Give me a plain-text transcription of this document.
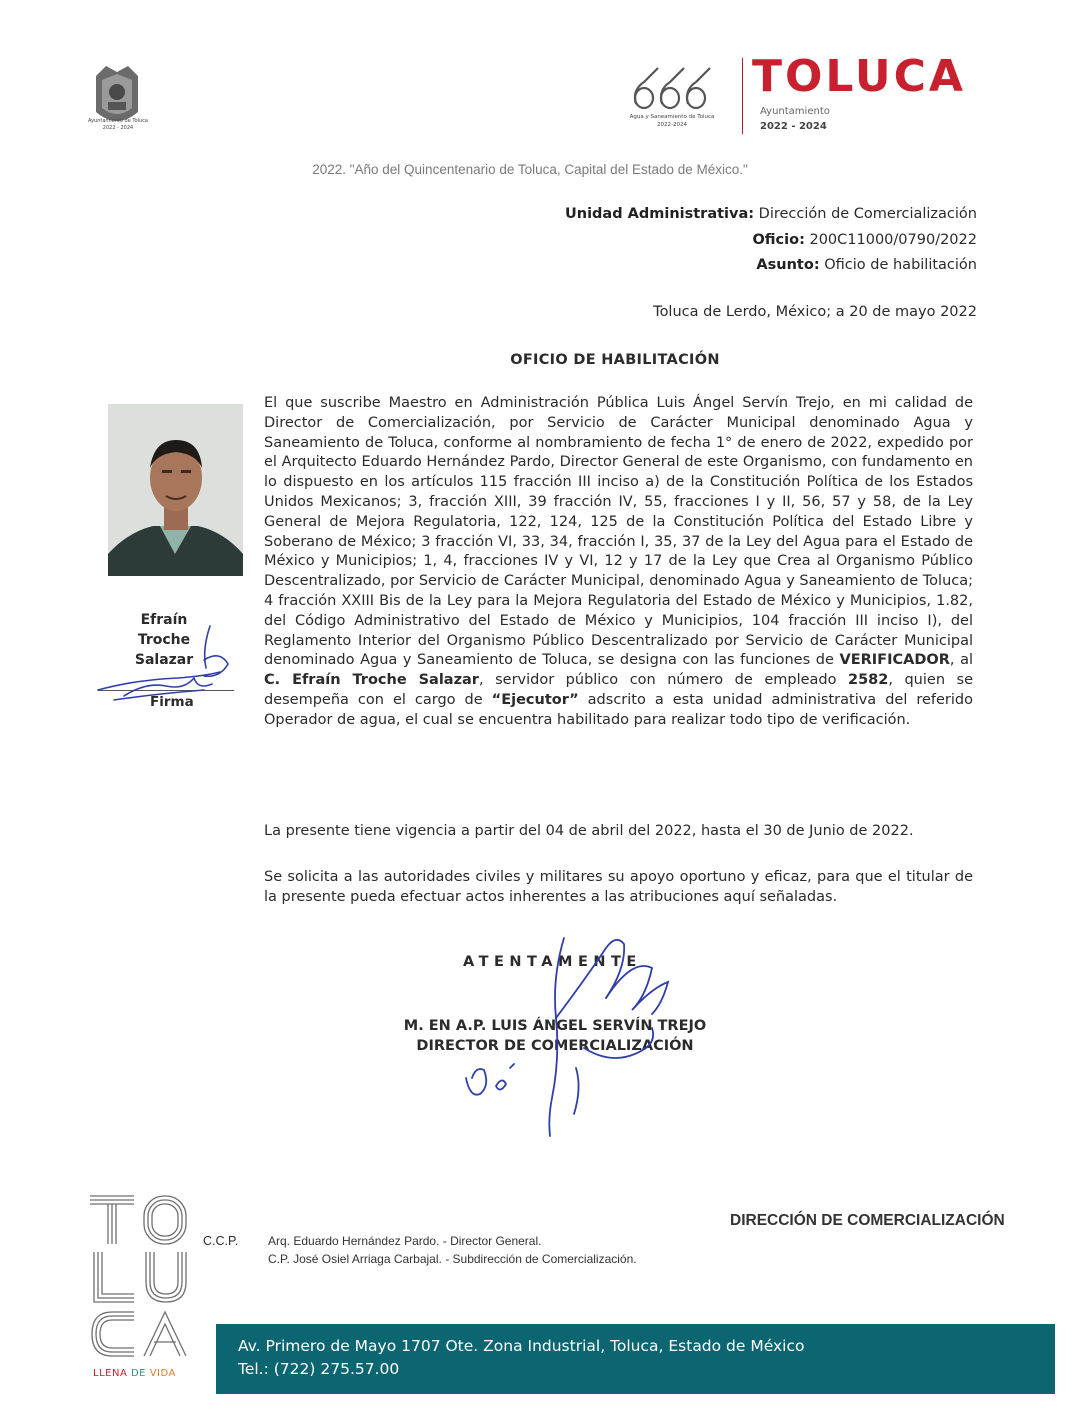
Ayuntamiento de Toluca
2022 - 2024
Agua y Saneamiento de Toluca
2022-2024
TOLUCA
Ayuntamiento
2022 - 2024
2022. "Año del Quincentenario de Toluca, Capital del Estado de México."
Unidad Administrativa: Dirección de Comercialización
Oficio: 200C11000/0790/2022
Asunto: Oficio de habilitación
Toluca de Lerdo, México; a 20 de mayo 2022
OFICIO DE HABILITACIÓN
Efraín
Troche
Salazar
Firma
El que suscribe Maestro en Administración Pública Luis Ángel Servín Trejo, en mi calidad de Director de Comercialización, por Servicio de Carácter Municipal denominado Agua y Saneamiento de Toluca, conforme al nombramiento de fecha 1° de enero de 2022, expedido por el Arquitecto Eduardo Hernández Pardo, Director General de este Organismo, con fundamento en lo dispuesto en los artículos 115 fracción III inciso a) de la Constitución Política de los Estados Unidos Mexicanos; 3, fracción XIII, 39 fracción IV, 55, fracciones I y II, 56, 57 y 58, de la Ley General de Mejora Regulatoria, 122, 124, 125 de la Constitución Política del Estado Libre y Soberano de México; 3 fracción VI, 33, 34, fracción I, 35, 37 de la Ley del Agua para el Estado de México y Municipios; 1, 4, fracciones IV y VI, 12 y 17 de la Ley que Crea al Organismo Público Descentralizado, por Servicio de Carácter Municipal, denominado Agua y Saneamiento de Toluca; 4 fracción XXIII Bis de la Ley para la Mejora Regulatoria del Estado de México y Municipios, 1.82, del Código Administrativo del Estado de México y Municipios, 104 fracción III inciso I), del Reglamento Interior del Organismo Público Descentralizado por Servicio de Carácter Municipal denominado Agua y Saneamiento de Toluca, se designa con las funciones de VERIFICADOR, al C. Efraín Troche Salazar, servidor público con número de empleado 2582, quien se desempeña con el cargo de “Ejecutor” adscrito a esta unidad administrativa del referido Operador de agua, el cual se encuentra habilitado para realizar todo tipo de verificación.
La presente tiene vigencia a partir del 04 de abril del 2022, hasta el 30 de Junio de 2022.
Se solicita a las autoridades civiles y militares su apoyo oportuno y eficaz, para que el titular de la presente pueda efectuar actos inherentes a las atribuciones aquí señaladas.
ATENTAMENTE
M. EN A.P. LUIS ÁNGEL SERVÍN TREJO
DIRECTOR DE COMERCIALIZACIÓN
LLENA DE VIDA
C.C.P. Arq. Eduardo Hernández Pardo. - Director General.
C.P. José Osiel Arriaga Carbajal. - Subdirección de Comercialización.
DIRECCIÓN DE COMERCIALIZACIÓN
Av. Primero de Mayo 1707 Ote. Zona Industrial, Toluca, Estado de México
Tel.: (722) 275.57.00
